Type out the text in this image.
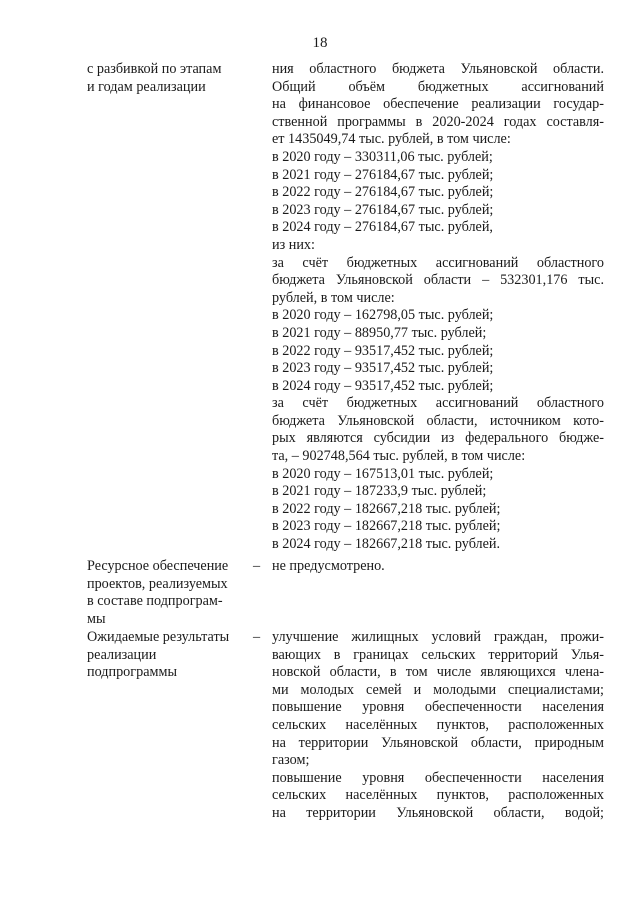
18
с разбивкой по этапам
и годам реализации
ния областного бюджета Ульяновской области.
Общий объём бюджетных ассигнований
на финансовое обеспечение реализации государ-
ственной программы в 2020-2024 годах составля-
ет 1435049,74 тыс. рублей, в том числе:
в 2020 году – 330311,06 тыс. рублей;
в 2021 году – 276184,67 тыс. рублей;
в 2022 году – 276184,67 тыс. рублей;
в 2023 году – 276184,67 тыс. рублей;
в 2024 году – 276184,67 тыс. рублей,
из них:
за счёт бюджетных ассигнований областного
бюджета Ульяновской области – 532301,176 тыс.
рублей, в том числе:
в 2020 году – 162798,05 тыс. рублей;
в 2021 году – 88950,77 тыс. рублей;
в 2022 году – 93517,452 тыс. рублей;
в 2023 году – 93517,452 тыс. рублей;
в 2024 году – 93517,452 тыс. рублей;
за счёт бюджетных ассигнований областного
бюджета Ульяновской области, источником кото-
рых являются субсидии из федерального бюдже-
та, – 902748,564 тыс. рублей, в том числе:
в 2020 году – 167513,01 тыс. рублей;
в 2021 году – 187233,9 тыс. рублей;
в 2022 году – 182667,218 тыс. рублей;
в 2023 году – 182667,218 тыс. рублей;
в 2024 году – 182667,218 тыс. рублей.
Ресурсное обеспечение
проектов, реализуемых
в составе подпрограм-
мы
– не предусмотрено.
Ожидаемые результаты
реализации
подпрограммы
– улучшение жилищных условий граждан, прожи-
вающих в границах сельских территорий Улья-
новской области, в том числе являющихся члена-
ми молодых семей и молодыми специалистами;
повышение уровня обеспеченности населения
сельских населённых пунктов, расположенных
на территории Ульяновской области, природным
газом;
повышение уровня обеспеченности населения
сельских населённых пунктов, расположенных
на территории Ульяновской области, водой;
